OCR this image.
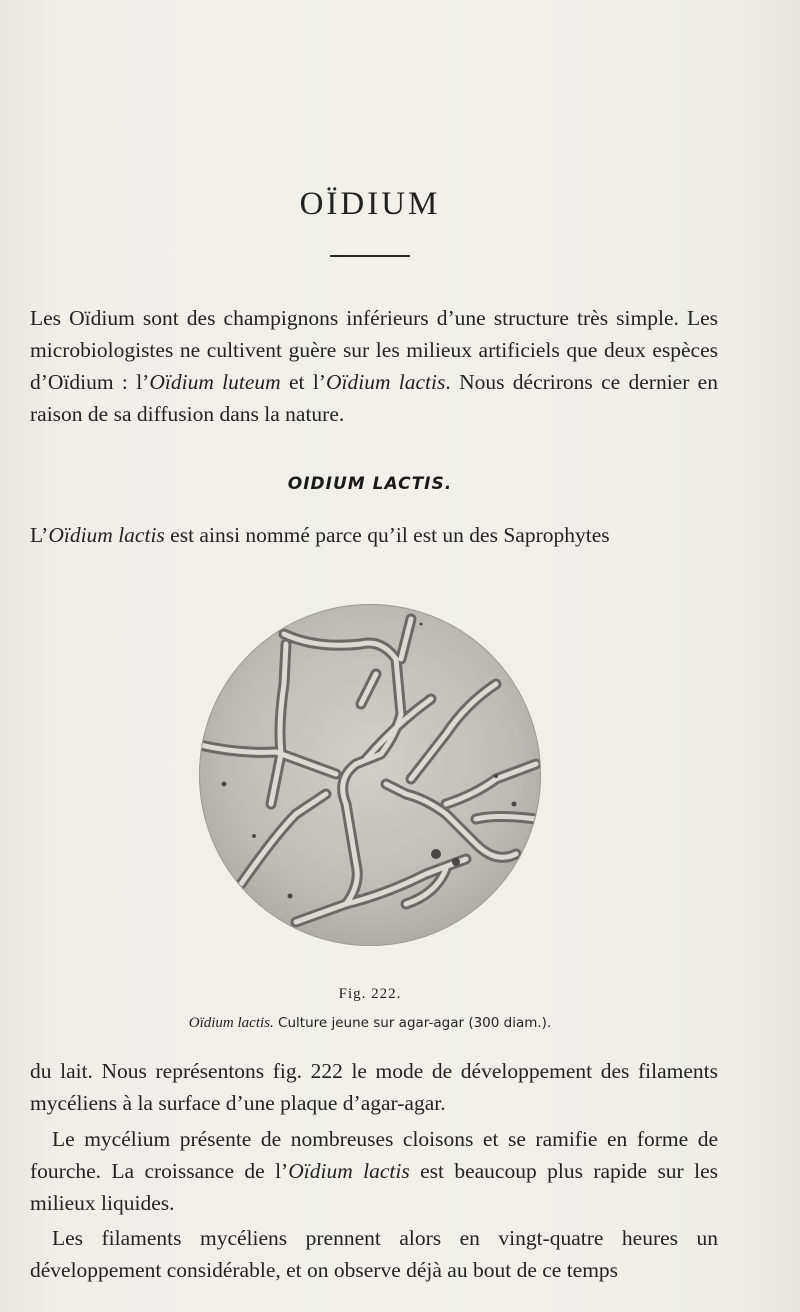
OÏDIUM
Les Oïdium sont des champignons inférieurs d’une structure très simple. Les microbiologistes ne cultivent guère sur les milieux artificiels que deux espèces d’Oïdium : l’Oïdium luteum et l’Oïdium lactis. Nous décrirons ce dernier en raison de sa diffusion dans la nature.
OIDIUM LACTIS.
L’Oïdium lactis est ainsi nommé parce qu’il est un des Saprophytes
Fig. 222.
Oïdium lactis. Culture jeune sur agar-agar (300 diam.).
du lait. Nous représentons fig. 222 le mode de développement des filaments mycéliens à la surface d’une plaque d’agar-agar.
Le mycélium présente de nombreuses cloisons et se ramifie en forme de fourche. La croissance de l’Oïdium lactis est beaucoup plus rapide sur les milieux liquides.
Les filaments mycéliens prennent alors en vingt-quatre heures un développement considérable, et on observe déjà au bout de ce temps
